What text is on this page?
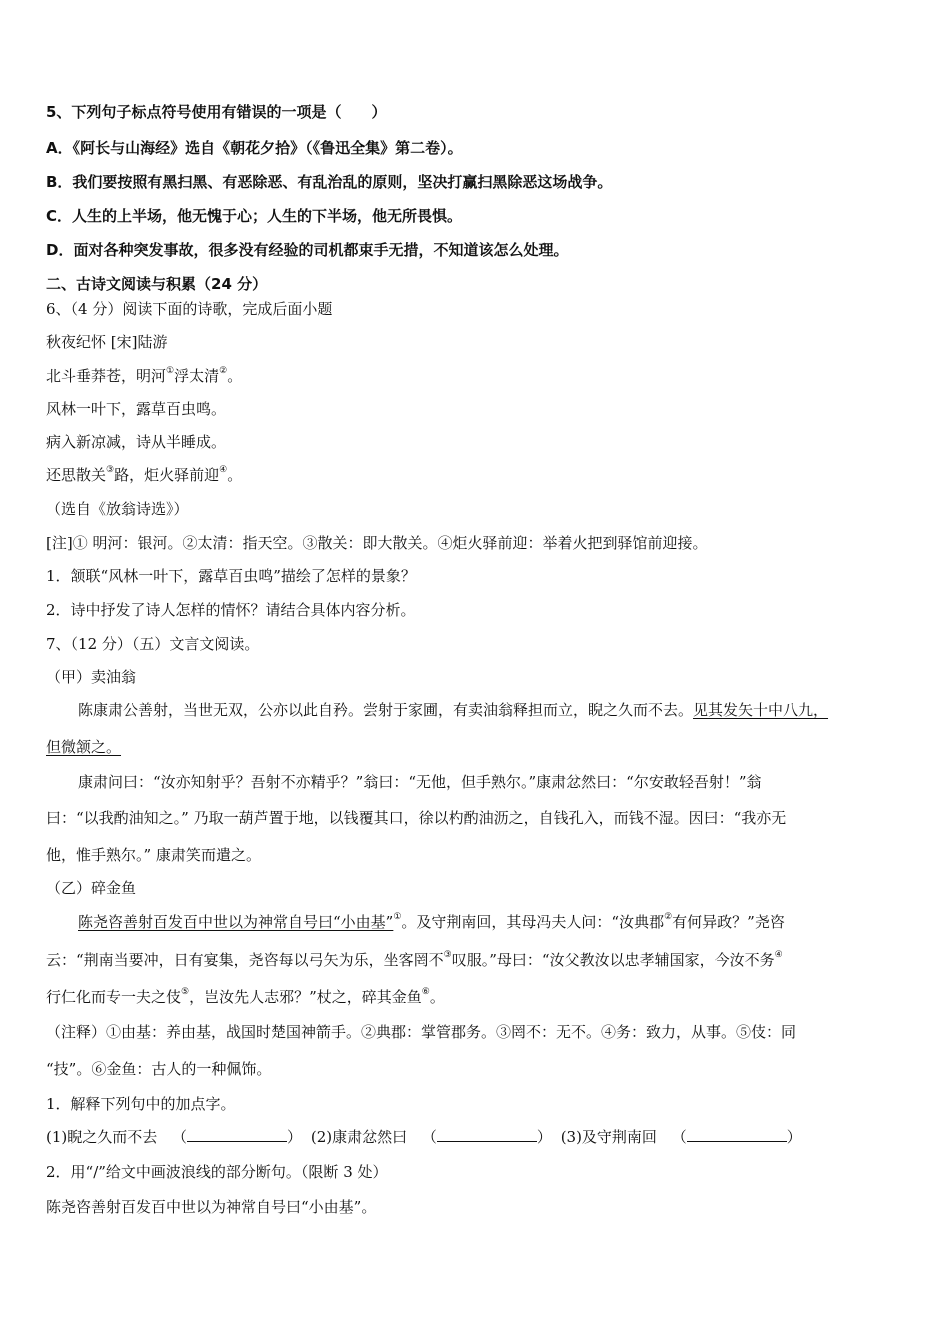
5、下列句子标点符号使用有错误的一项是（　　）
A．《阿长与山海经》选自《朝花夕拾》（《鲁迅全集》第二卷）。
B．我们要按照有黑扫黑、有恶除恶、有乱治乱的原则，坚决打赢扫黑除恶这场战争。
C．人生的上半场，他无愧于心；人生的下半场，他无所畏惧。
D．面对各种突发事故，很多没有经验的司机都束手无措，不知道该怎么处理。
二、古诗文阅读与积累（24 分）
6、（4 分）阅读下面的诗歌，完成后面小题
秋夜纪怀 [宋]陆游
北斗垂莽苍，明河①浮太清②。
风林一叶下，露草百虫鸣。
病入新凉减，诗从半睡成。
还思散关③路，炬火驿前迎④。
（选自《放翁诗选》）
[注]① 明河：银河。②太清：指天空。③散关：即大散关。④炬火驿前迎：举着火把到驿馆前迎接。
1．颔联“风林一叶下，露草百虫鸣”描绘了怎样的景象？
2．诗中抒发了诗人怎样的情怀？请结合具体内容分析。
7、（12 分）（五）文言文阅读。
（甲）卖油翁
陈康肃公善射，当世无双，公亦以此自矜。尝射于家圃，有卖油翁释担而立，睨之久而不去。见其发矢十中八九，
但微颔之。
康肃问曰：“汝亦知射乎？吾射不亦精乎？”翁曰：“无他，但手熟尔。”康肃忿然曰：“尔安敢轻吾射！”翁
曰：“以我酌油知之。” 乃取一葫芦置于地，以钱覆其口，徐以杓酌油沥之，自钱孔入，而钱不湿。因曰：“我亦无
他，惟手熟尔。” 康肃笑而遣之。
（乙）碎金鱼
陈尧咨善射百发百中世以为神常自号曰“小由基”①。及守荆南回，其母冯夫人问：“汝典郡②有何异政？”尧咨
云：“荆南当要冲，日有宴集，尧咨每以弓矢为乐，坐客罔不③叹服。”母曰：“汝父教汝以忠孝辅国家，今汝不务④
行仁化而专一夫之伎⑤，岂汝先人志邪？”杖之，碎其金鱼⑥。
（注释）①由基：养由基，战国时楚国神箭手。②典郡：掌管郡务。③罔不：无不。④务：致力，从事。⑤伎：同
“技”。⑥金鱼：古人的一种佩饰。
1．解释下列句中的加点字。
(1)睨之久而不去 （	） (2)康肃忿然曰 （	） (3)及守荆南回 （	）
2．用“/”给文中画波浪线的部分断句。（限断 3 处）
陈尧咨善射百发百中世以为神常自号曰“小由基”。
